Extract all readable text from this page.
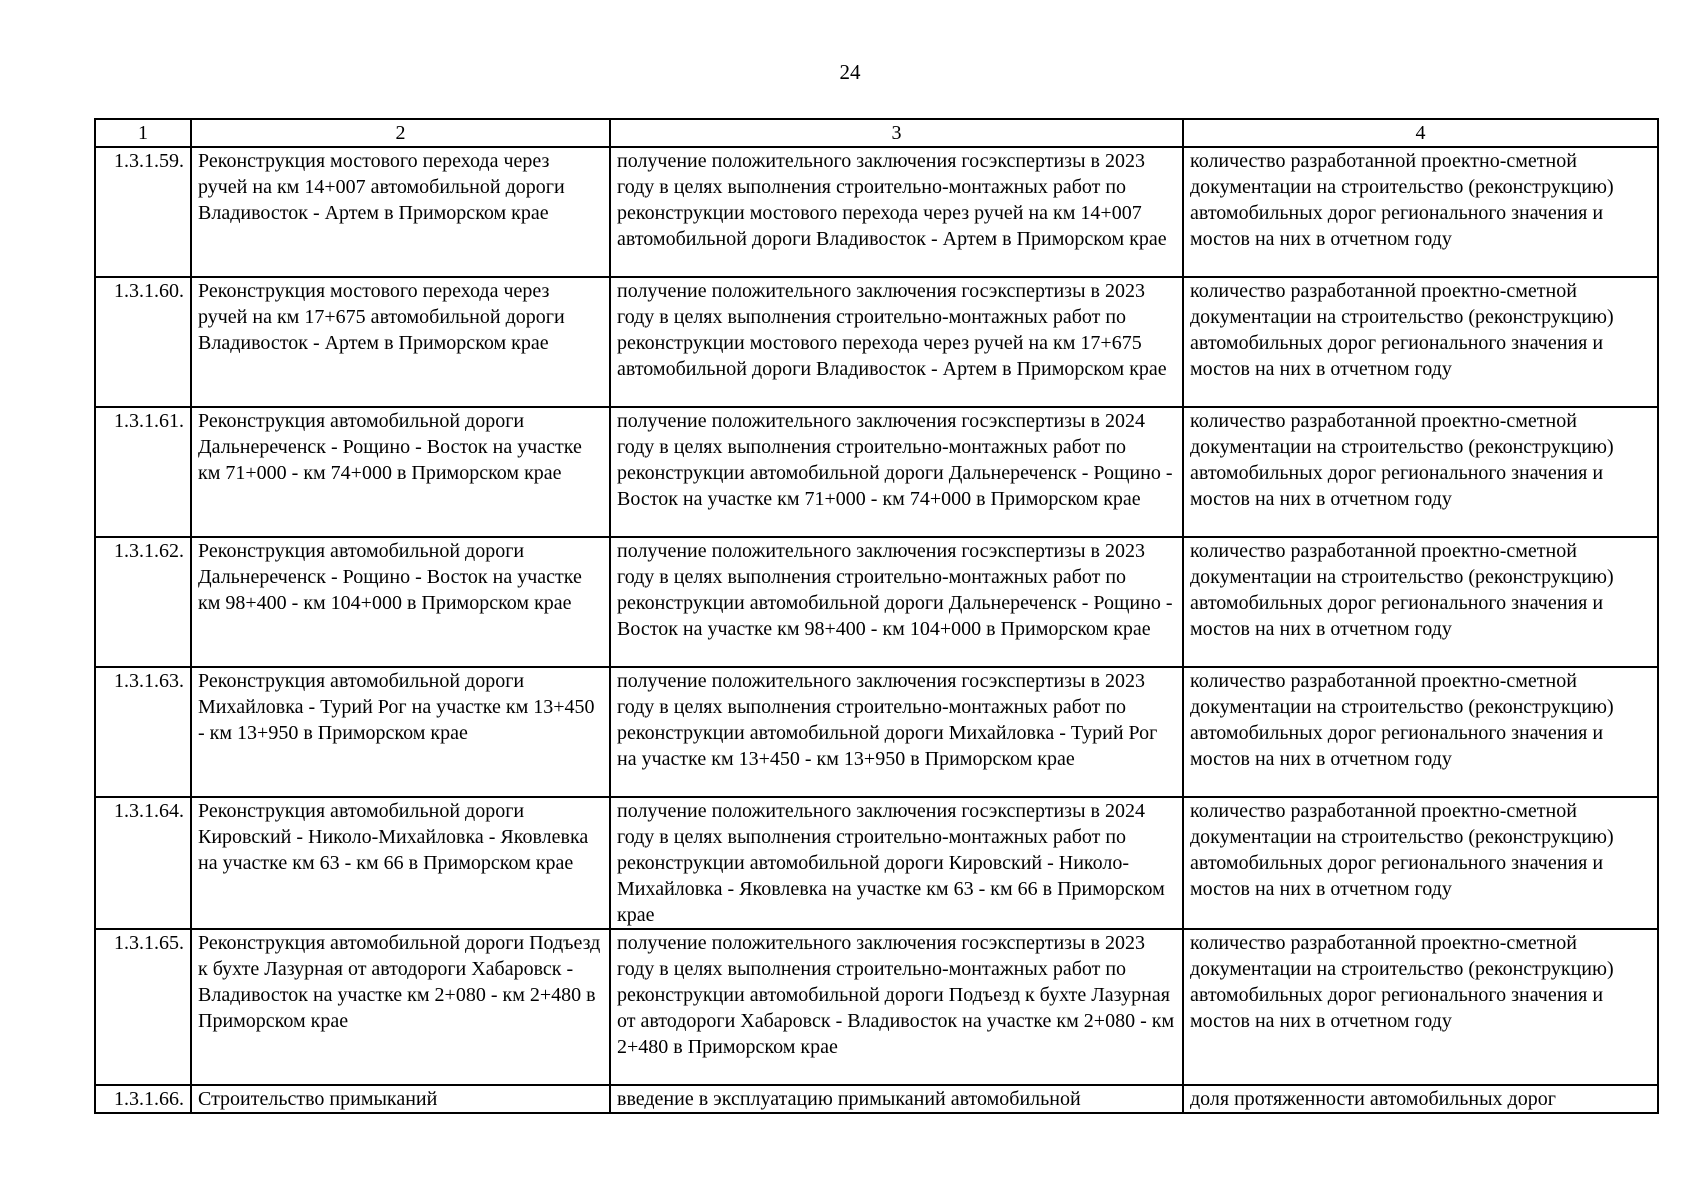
24
1	2	3	4
1.3.1.59.	Реконструкция мостового перехода через ручей на км 14+007 автомобильной дороги Владивосток - Артем в Приморском крае	получение положительного заключения госэкспертизы в 2023 году в целях выполнения строительно-монтажных работ по реконструкции мостового перехода через ручей на км 14+007 автомобильной дороги Владивосток - Артем в Приморском крае	количество разработанной проектно-сметной документации на строительство (реконструкцию) автомобильных дорог регионального значения и мостов на них в отчетном году
1.3.1.60.	Реконструкция мостового перехода через ручей на км 17+675 автомобильной дороги Владивосток - Артем в Приморском крае	получение положительного заключения госэкспертизы в 2023 году в целях выполнения строительно-монтажных работ по реконструкции мостового перехода через ручей на км 17+675 автомобильной дороги Владивосток - Артем в Приморском крае	количество разработанной проектно-сметной документации на строительство (реконструкцию) автомобильных дорог регионального значения и мостов на них в отчетном году
1.3.1.61.	Реконструкция автомобильной дороги Дальнереченск - Рощино - Восток на участке км 71+000 - км 74+000 в Приморском крае	получение положительного заключения госэкспертизы в 2024 году в целях выполнения строительно-монтажных работ по реконструкции автомобильной дороги Дальнереченск - Рощино - Восток на участке км 71+000 - км 74+000 в Приморском крае	количество разработанной проектно-сметной документации на строительство (реконструкцию) автомобильных дорог регионального значения и мостов на них в отчетном году
1.3.1.62.	Реконструкция автомобильной дороги Дальнереченск - Рощино - Восток на участке км 98+400 - км 104+000 в Приморском крае	получение положительного заключения госэкспертизы в 2023 году в целях выполнения строительно-монтажных работ по реконструкции автомобильной дороги Дальнереченск - Рощино - Восток на участке км 98+400 - км 104+000 в Приморском крае	количество разработанной проектно-сметной документации на строительство (реконструкцию) автомобильных дорог регионального значения и мостов на них в отчетном году
1.3.1.63.	Реконструкция автомобильной дороги Михайловка - Турий Рог на участке км 13+450 - км 13+950 в Приморском крае	получение положительного заключения госэкспертизы в 2023 году в целях выполнения строительно-монтажных работ по реконструкции автомобильной дороги Михайловка - Турий Рог на участке км 13+450 - км 13+950 в Приморском крае	количество разработанной проектно-сметной документации на строительство (реконструкцию) автомобильных дорог регионального значения и мостов на них в отчетном году
1.3.1.64.	Реконструкция автомобильной дороги Кировский - Николо-Михайловка - Яковлевка на участке км 63 - км 66 в Приморском крае	получение положительного заключения госэкспертизы в 2024 году в целях выполнения строительно-монтажных работ по реконструкции автомобильной дороги Кировский - Николо-Михайловка - Яковлевка на участке км 63 - км 66 в Приморском крае	количество разработанной проектно-сметной документации на строительство (реконструкцию) автомобильных дорог регионального значения и мостов на них в отчетном году
1.3.1.65.	Реконструкция автомобильной дороги Подъезд к бухте Лазурная от автодороги Хабаровск - Владивосток на участке км 2+080 - км 2+480 в Приморском крае	получение положительного заключения госэкспертизы в 2023 году в целях выполнения строительно-монтажных работ по реконструкции автомобильной дороги Подъезд к бухте Лазурная от автодороги Хабаровск - Владивосток на участке км 2+080 - км 2+480 в Приморском крае	количество разработанной проектно-сметной документации на строительство (реконструкцию) автомобильных дорог регионального значения и мостов на них в отчетном году
1.3.1.66.	Строительство примыканий	введение в эксплуатацию примыканий автомобильной	доля протяженности автомобильных дорог
